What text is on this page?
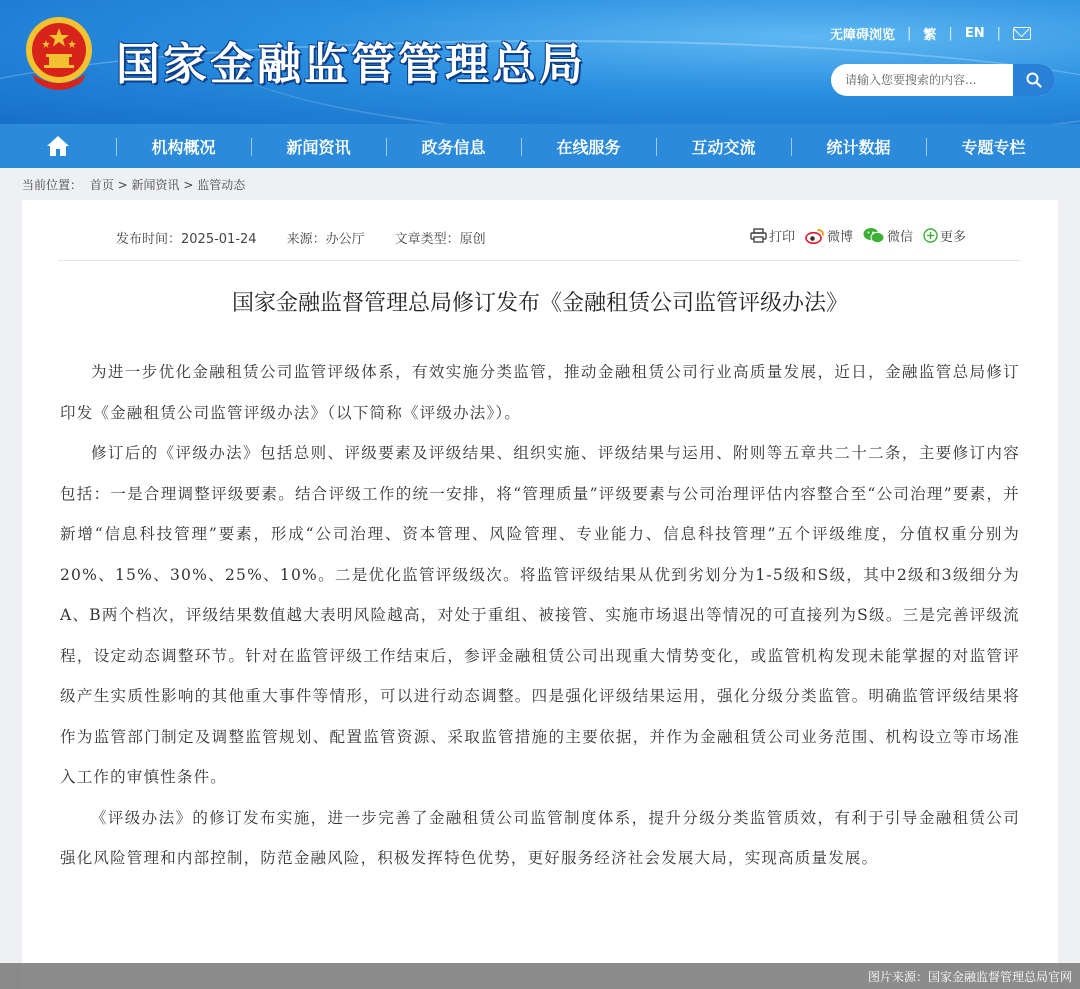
国家金融监管管理总局
无障碍浏览 | 繁 | EN |
请输入您要搜索的内容...
机构概况	新闻资讯	政务信息	在线服务	互动交流	统计数据	专题专栏
当前位置： 首页 > 新闻资讯 > 监管动态
发布时间：2025-01-24 来源：办公厅 文章类型：原创	打印 微博	微信 更多
国家金融监督管理总局修订发布《金融租赁公司监管评级办法》

为进一步优化金融租赁公司监管评级体系，有效实施分类监管，推动金融租赁公司行业高质量发展，近日，金融监管总局修订印发《金融租赁公司监管评级办法》（以下简称《评级办法》）。

修订后的《评级办法》包括总则、评级要素及评级结果、组织实施、评级结果与运用、附则等五章共二十二条，主要修订内容包括：一是合理调整评级要素。结合评级工作的统一安排，将“管理质量”评级要素与公司治理评估内容整合至“公司治理”要素，并新增“信息科技管理”要素，形成“公司治理、资本管理、风险管理、专业能力、信息科技管理”五个评级维度，分值权重分别为20%、15%、30%、25%、10%。二是优化监管评级级次。将监管评级结果从优到劣划分为1-5级和S级，其中2级和3级细分为A、B两个档次，评级结果数值越大表明风险越高，对处于重组、被接管、实施市场退出等情况的可直接列为S级。三是完善评级流程，设定动态调整环节。针对在监管评级工作结束后，参评金融租赁公司出现重大情势变化，或监管机构发现未能掌握的对监管评级产生实质性影响的其他重大事件等情形，可以进行动态调整。四是强化评级结果运用，强化分级分类监管。明确监管评级结果将作为监管部门制定及调整监管规划、配置监管资源、采取监管措施的主要依据，并作为金融租赁公司业务范围、机构设立等市场准入工作的审慎性条件。

《评级办法》的修订发布实施，进一步完善了金融租赁公司监管制度体系，提升分级分类监管质效，有利于引导金融租赁公司强化风险管理和内部控制，防范金融风险，积极发挥特色优势，更好服务经济社会发展大局，实现高质量发展。

图片来源：国家金融监督管理总局官网
